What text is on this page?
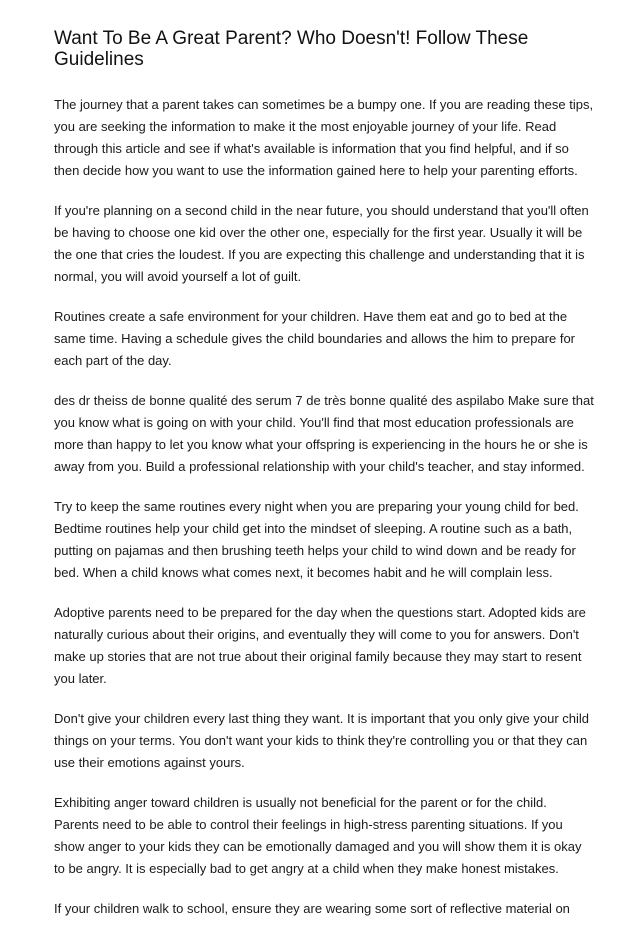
Want To Be A Great Parent? Who Doesn't! Follow These Guidelines

The journey that a parent takes can sometimes be a bumpy one. If you are reading these tips, you are seeking the information to make it the most enjoyable journey of your life. Read through this article and see if what's available is information that you find helpful, and if so then decide how you want to use the information gained here to help your parenting efforts.

If you're planning on a second child in the near future, you should understand that you'll often be having to choose one kid over the other one, especially for the first year. Usually it will be the one that cries the loudest. If you are expecting this challenge and understanding that it is normal, you will avoid yourself a lot of guilt.

Routines create a safe environment for your children. Have them eat and go to bed at the same time. Having a schedule gives the child boundaries and allows the him to prepare for each part of the day.

des dr theiss de bonne qualité des serum 7 de très bonne qualité des aspilabo Make sure that you know what is going on with your child. You'll find that most education professionals are more than happy to let you know what your offspring is experiencing in the hours he or she is away from you. Build a professional relationship with your child's teacher, and stay informed.

Try to keep the same routines every night when you are preparing your young child for bed. Bedtime routines help your child get into the mindset of sleeping. A routine such as a bath, putting on pajamas and then brushing teeth helps your child to wind down and be ready for bed. When a child knows what comes next, it becomes habit and he will complain less.

Adoptive parents need to be prepared for the day when the questions start. Adopted kids are naturally curious about their origins, and eventually they will come to you for answers. Don't make up stories that are not true about their original family because they may start to resent you later.

Don't give your children every last thing they want. It is important that you only give your child things on your terms. You don't want your kids to think they're controlling you or that they can use their emotions against yours.

Exhibiting anger toward children is usually not beneficial for the parent or for the child. Parents need to be able to control their feelings in high-stress parenting situations. If you show anger to your kids they can be emotionally damaged and you will show them it is okay to be angry. It is especially bad to get angry at a child when they make honest mistakes.

If your children walk to school, ensure they are wearing some sort of reflective material on
